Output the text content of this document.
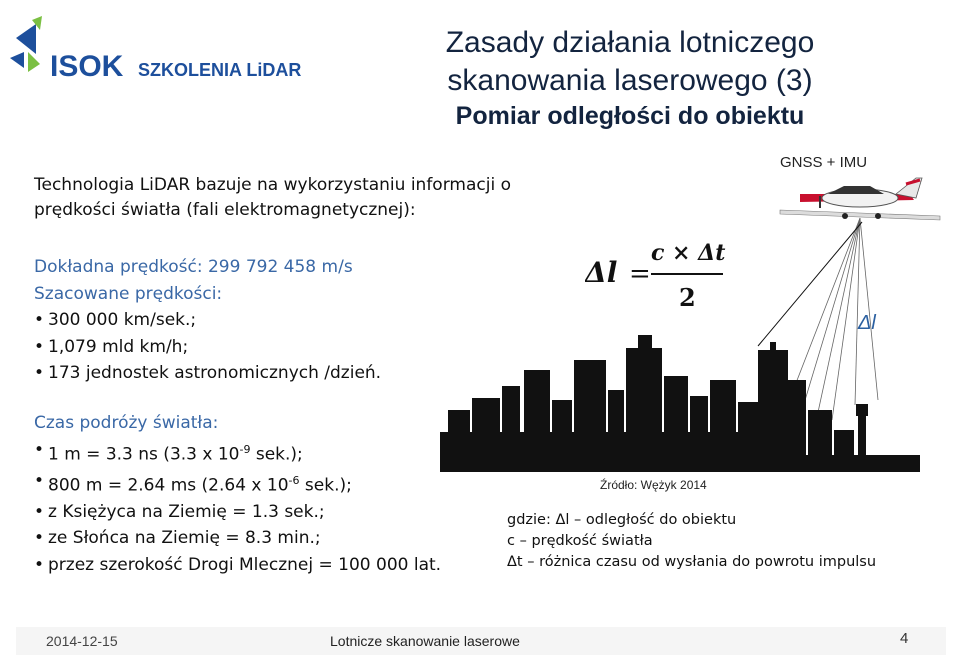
ISOK SZKOLENIA LiDAR
Zasady działania lotniczego
skanowania laserowego (3)
Pomiar odległości do obiektu
Technologia LiDAR bazuje na wykorzystaniu informacji o
prędkości światła (fali elektromagnetycznej):
Dokładna prędkość: 299 792 458 m/s
Szacowane prędkości:
• 300 000 km/sek.;
• 1,079 mld km/h;
• 173 jednostek astronomicznych /dzień.
Czas podróży światła:
• 1 m = 3.3 ns (3.3 x $10^{-9}$ sek.);
• 800 m = 2.64 ms (2.64 x $10^{-6}$ sek.);
• z Księżyca na Ziemię = 1.3 sek.;
• ze Słońca na Ziemię = 8.3 min.;
• przez szerokość Drogi Mlecznej = 100 000 lat.
Δl =
c × Δt
2
GNSS + IMU
Δl
Źródło: Wężyk 2014
gdzie: Δl – odległość do obiektu
c – prędkość światła
Δt – różnica czasu od wysłania do powrotu impulsu
2014-12-15	Lotnicze skanowanie laserowe	4
